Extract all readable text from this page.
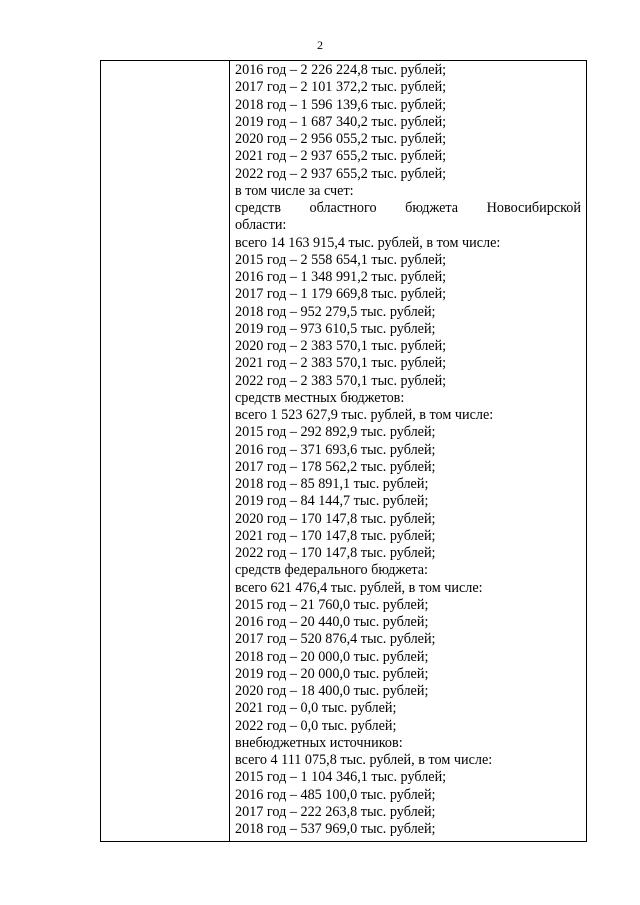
2

2016 год – 2 226 224,8 тыс. рублей;
2017 год – 2 101 372,2 тыс. рублей;
2018 год – 1 596 139,6 тыс. рублей;
2019 год – 1 687 340,2 тыс. рублей;
2020 год – 2 956 055,2 тыс. рублей;
2021 год – 2 937 655,2 тыс. рублей;
2022 год – 2 937 655,2 тыс. рублей;
в том числе за счет:
средств областного бюджета Новосибирской
области:
всего 14 163 915,4 тыс. рублей, в том числе:
2015 год – 2 558 654,1 тыс. рублей;
2016 год – 1 348 991,2 тыс. рублей;
2017 год – 1 179 669,8 тыс. рублей;
2018 год – 952 279,5 тыс. рублей;
2019 год – 973 610,5 тыс. рублей;
2020 год – 2 383 570,1 тыс. рублей;
2021 год – 2 383 570,1 тыс. рублей;
2022 год – 2 383 570,1 тыс. рублей;
средств местных бюджетов:
всего 1 523 627,9 тыс. рублей, в том числе:
2015 год – 292 892,9 тыс. рублей;
2016 год – 371 693,6 тыс. рублей;
2017 год – 178 562,2 тыс. рублей;
2018 год – 85 891,1 тыс. рублей;
2019 год – 84 144,7 тыс. рублей;
2020 год – 170 147,8 тыс. рублей;
2021 год – 170 147,8 тыс. рублей;
2022 год – 170 147,8 тыс. рублей;
средств федерального бюджета:
всего 621 476,4 тыс. рублей, в том числе:
2015 год – 21 760,0 тыс. рублей;
2016 год – 20 440,0 тыс. рублей;
2017 год – 520 876,4 тыс. рублей;
2018 год – 20 000,0 тыс. рублей;
2019 год – 20 000,0 тыс. рублей;
2020 год – 18 400,0 тыс. рублей;
2021 год – 0,0 тыс. рублей;
2022 год – 0,0 тыс. рублей;
внебюджетных источников:
всего 4 111 075,8 тыс. рублей, в том числе:
2015 год – 1 104 346,1 тыс. рублей;
2016 год – 485 100,0 тыс. рублей;
2017 год – 222 263,8 тыс. рублей;
2018 год – 537 969,0 тыс. рублей;
